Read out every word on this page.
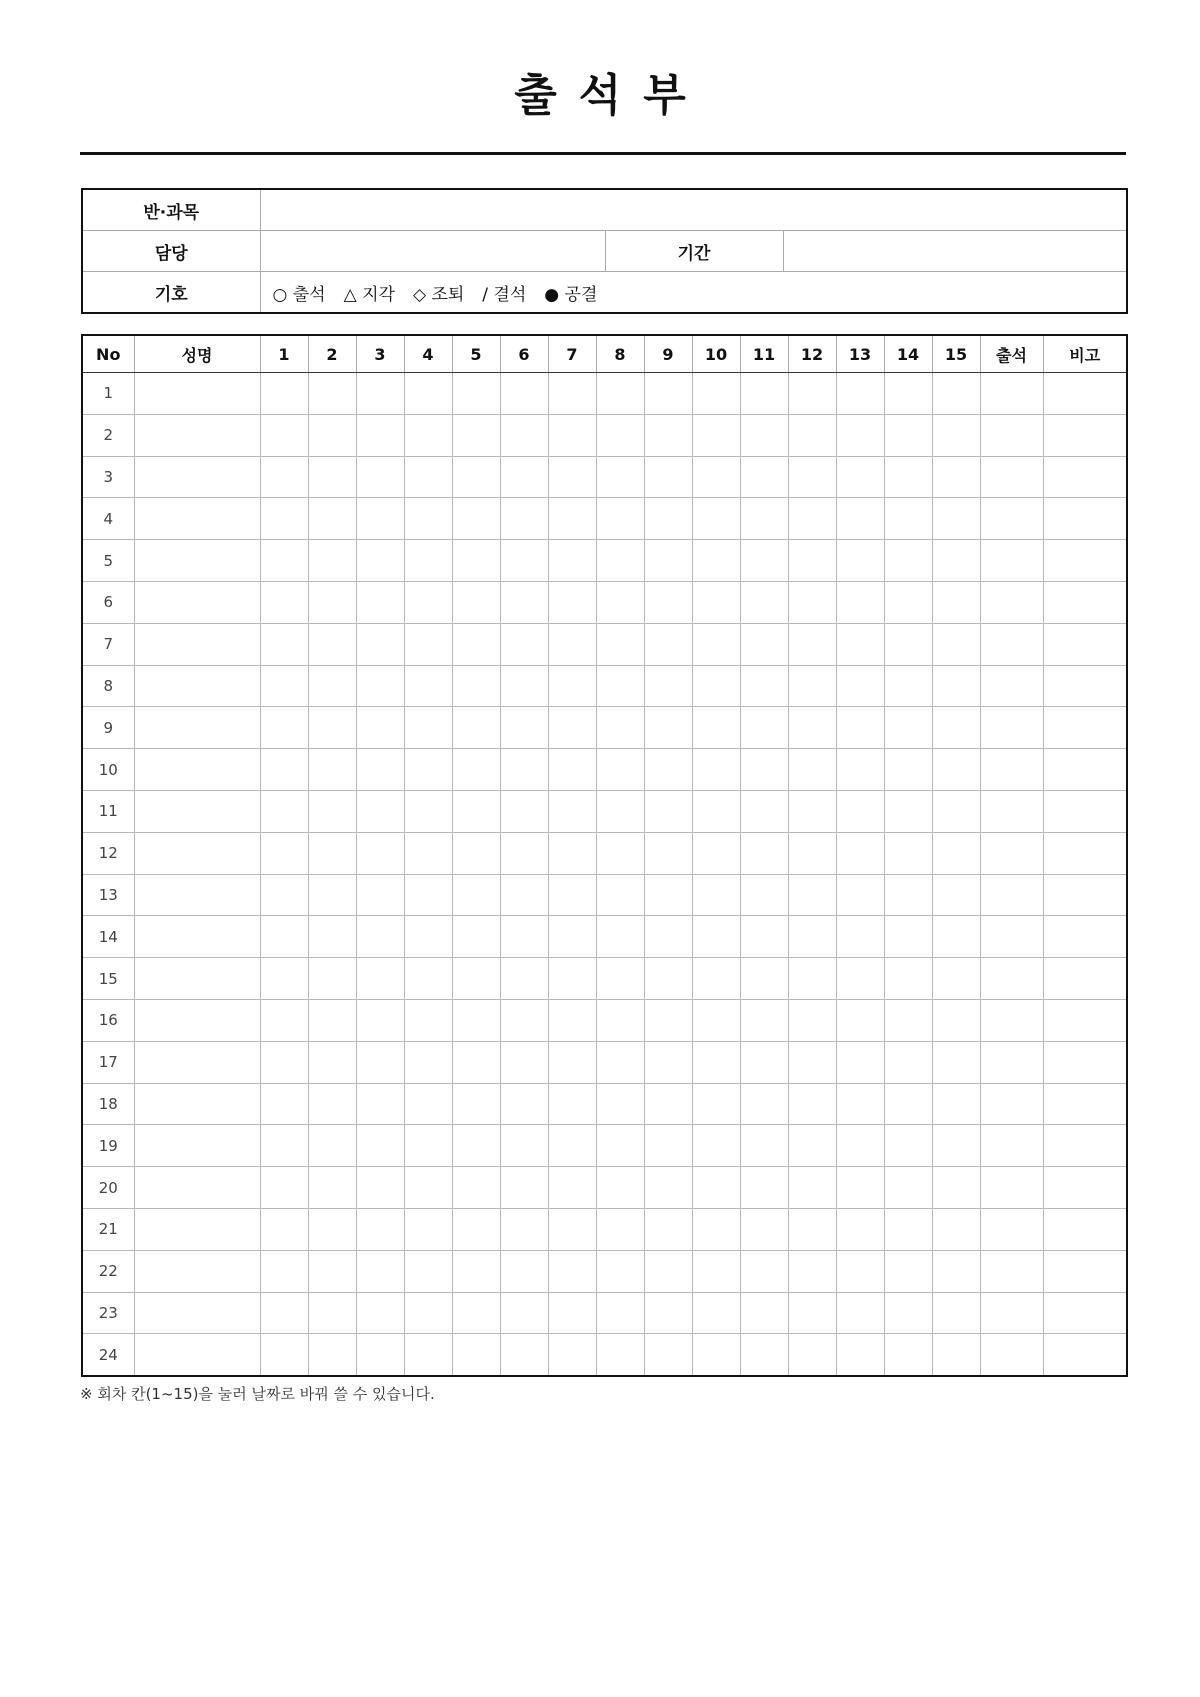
출석부
반·과목			
담당		기간	
기호	○ 출석 △ 지각 ◇ 조퇴 / 결석 ● 공결		
No	성명	1	2	3	4	5	6	7	8	9	10	11	12	13	14	15	출석	비고
1																		
2																		
3																		
4																		
5																		
6																		
7																		
8																		
9																		
10																		
11																		
12																		
13																		
14																		
15																		
16																		
17																		
18																		
19																		
20																		
21																		
22																		
23																		
24																		

※ 회차 칸(1~15)을 눌러 날짜로 바꿔 쓸 수 있습니다.
